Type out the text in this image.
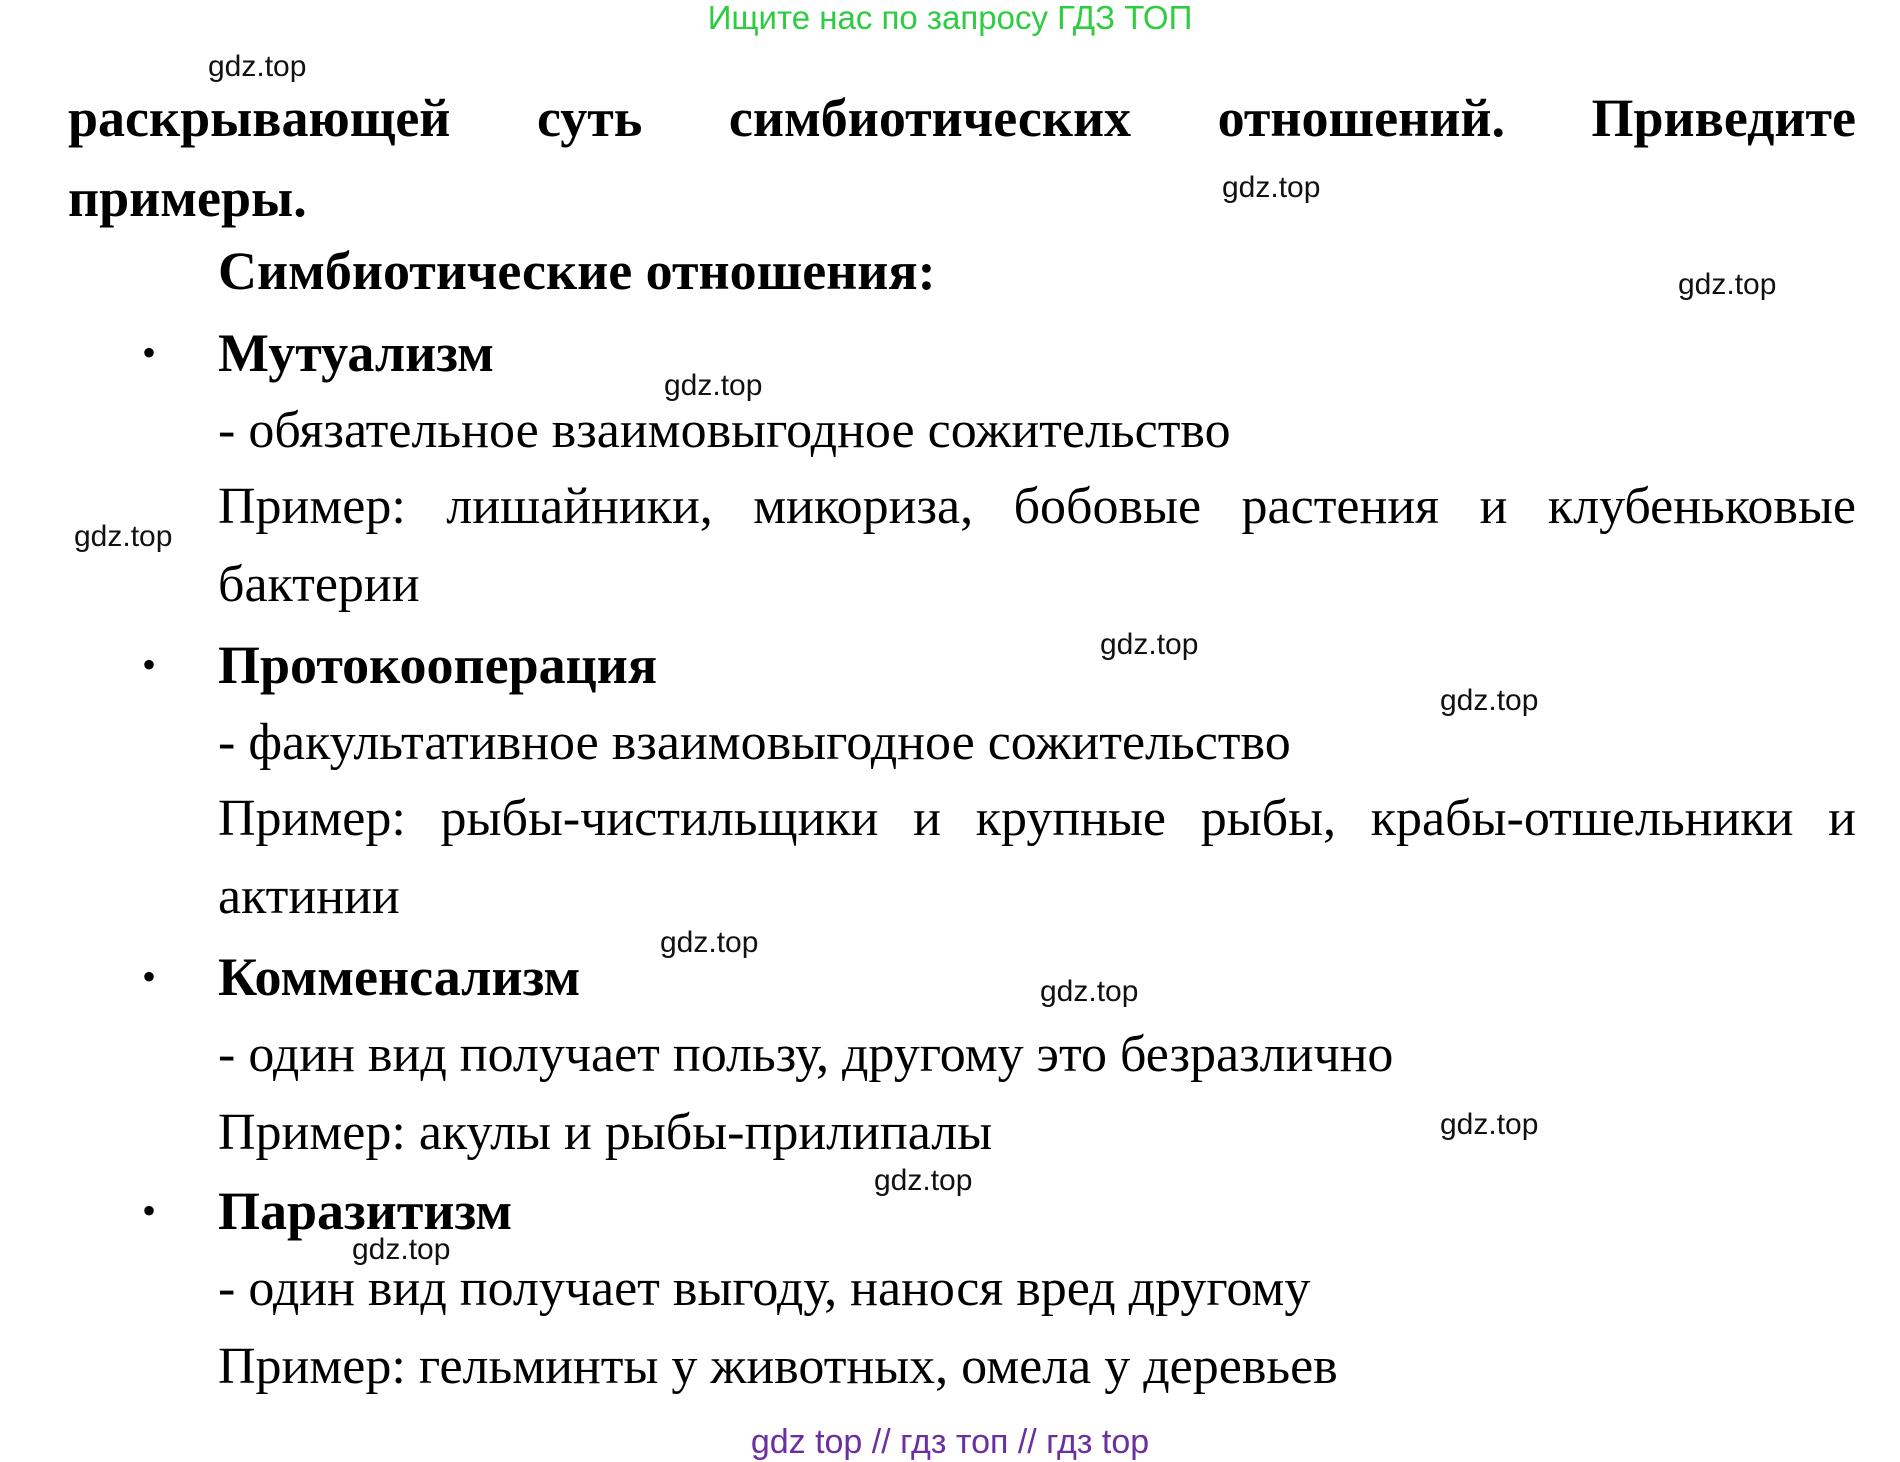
Ищите нас по запросу ГДЗ ТОП
раскрывающей суть симбиотических отношений. Приведите примеры.
Симбиотические отношения:
• Мутуализм
- обязательное взаимовыгодное сожительство
Пример: лишайники, микориза, бобовые растения и клубеньковые бактерии
• Протокооперация
- факультативное взаимовыгодное сожительство
Пример: рыбы-чистильщики и крупные рыбы, крабы-отшельники и актинии
• Комменсализм
- один вид получает пользу, другому это безразлично
Пример: акулы и рыбы-прилипалы
• Паразитизм
- один вид получает выгоду, нанося вред другому
Пример: гельминты у животных, омела у деревьев
gdz.top
gdz.top
gdz.top
gdz.top
gdz.top
gdz.top
gdz.top
gdz.top
gdz.top
gdz.top
gdz.top
gdz.top
gdz top // гдз топ // гдз top
